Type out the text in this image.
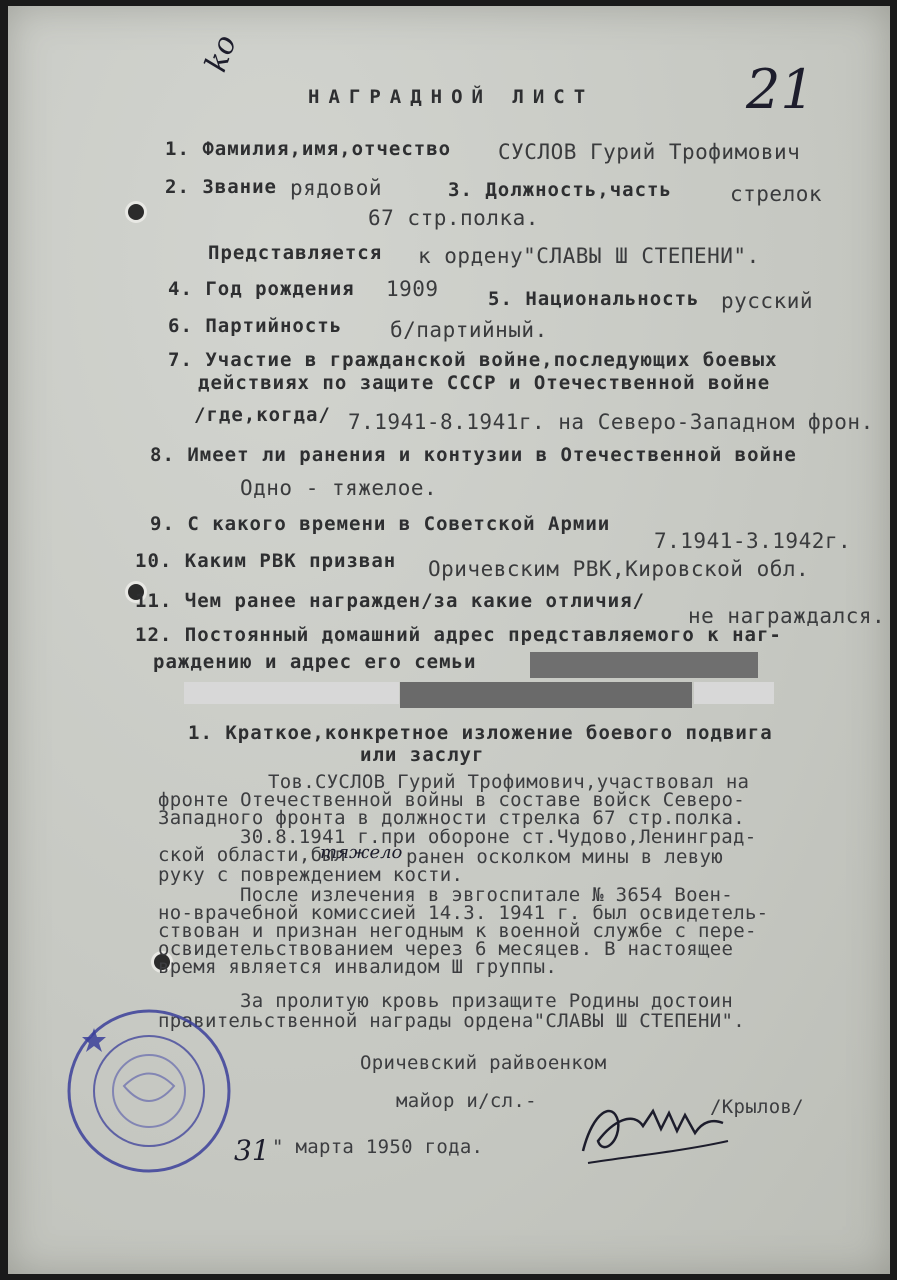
НАГРАДНОЙ ЛИСТ	21
ko
1. Фамилия,имя,отчество СУСЛОВ Гурий Трофимович
2. Звание рядовой	3. Должность,часть	стрелок
67 стр.полка.
Представляется к ордену"СЛАВЫ Ш СТЕПЕНИ".
4. Год рождения 1909	5. Национальность русский
6. Партийность б/партийный.
7. Участие в гражданской войне,последующих боевых
действиях по защите СССР и Отечественной войне
/где,когда/ 7.1941-8.1941г. на Северо-Западном фрон.
8. Имеет ли ранения и контузии в Отечественной войне
Одно - тяжелое.
9. С какого времени в Советской Армии
7.1941-3.1942г.
10. Каким РВК призван Оричевским РВК,Кировской обл.
11. Чем ранее награжден/за какие отличия/
не награждался.
12. Постоянный домашний адрес представляемого к наг-
раждению и адрес его семьи
1. Краткое,конкретное изложение боевого подвига
или заслуг
Тов.СУСЛОВ Гурий Трофимович,участвовал на
фронте Отечественной войны в составе войск Северо-
Западного фронта в должности стрелка 67 стр.полка.
30.8.1941 г.при обороне ст.Чудово,Ленинград-
ской области,был
тяжело ранен осколком мины в левую
руку с повреждением кости.
После излечения в эвгоспитале № 3654 Воен-
но-врачебной комиссией 14.3. 1941 г. был освидетель-
ствован и признан негодным к военной службе с пере-
освидетельствованием через 6 месяцев. В настоящее
время является инвалидом Ш группы.
За пролитую кровь призащите Родины достоин
правительственной награды ордена"СЛАВЫ Ш СТЕПЕНИ".
Оричевский райвоенком
майор и/сл.-	/Крылов/
31 " марта 1950 года.
